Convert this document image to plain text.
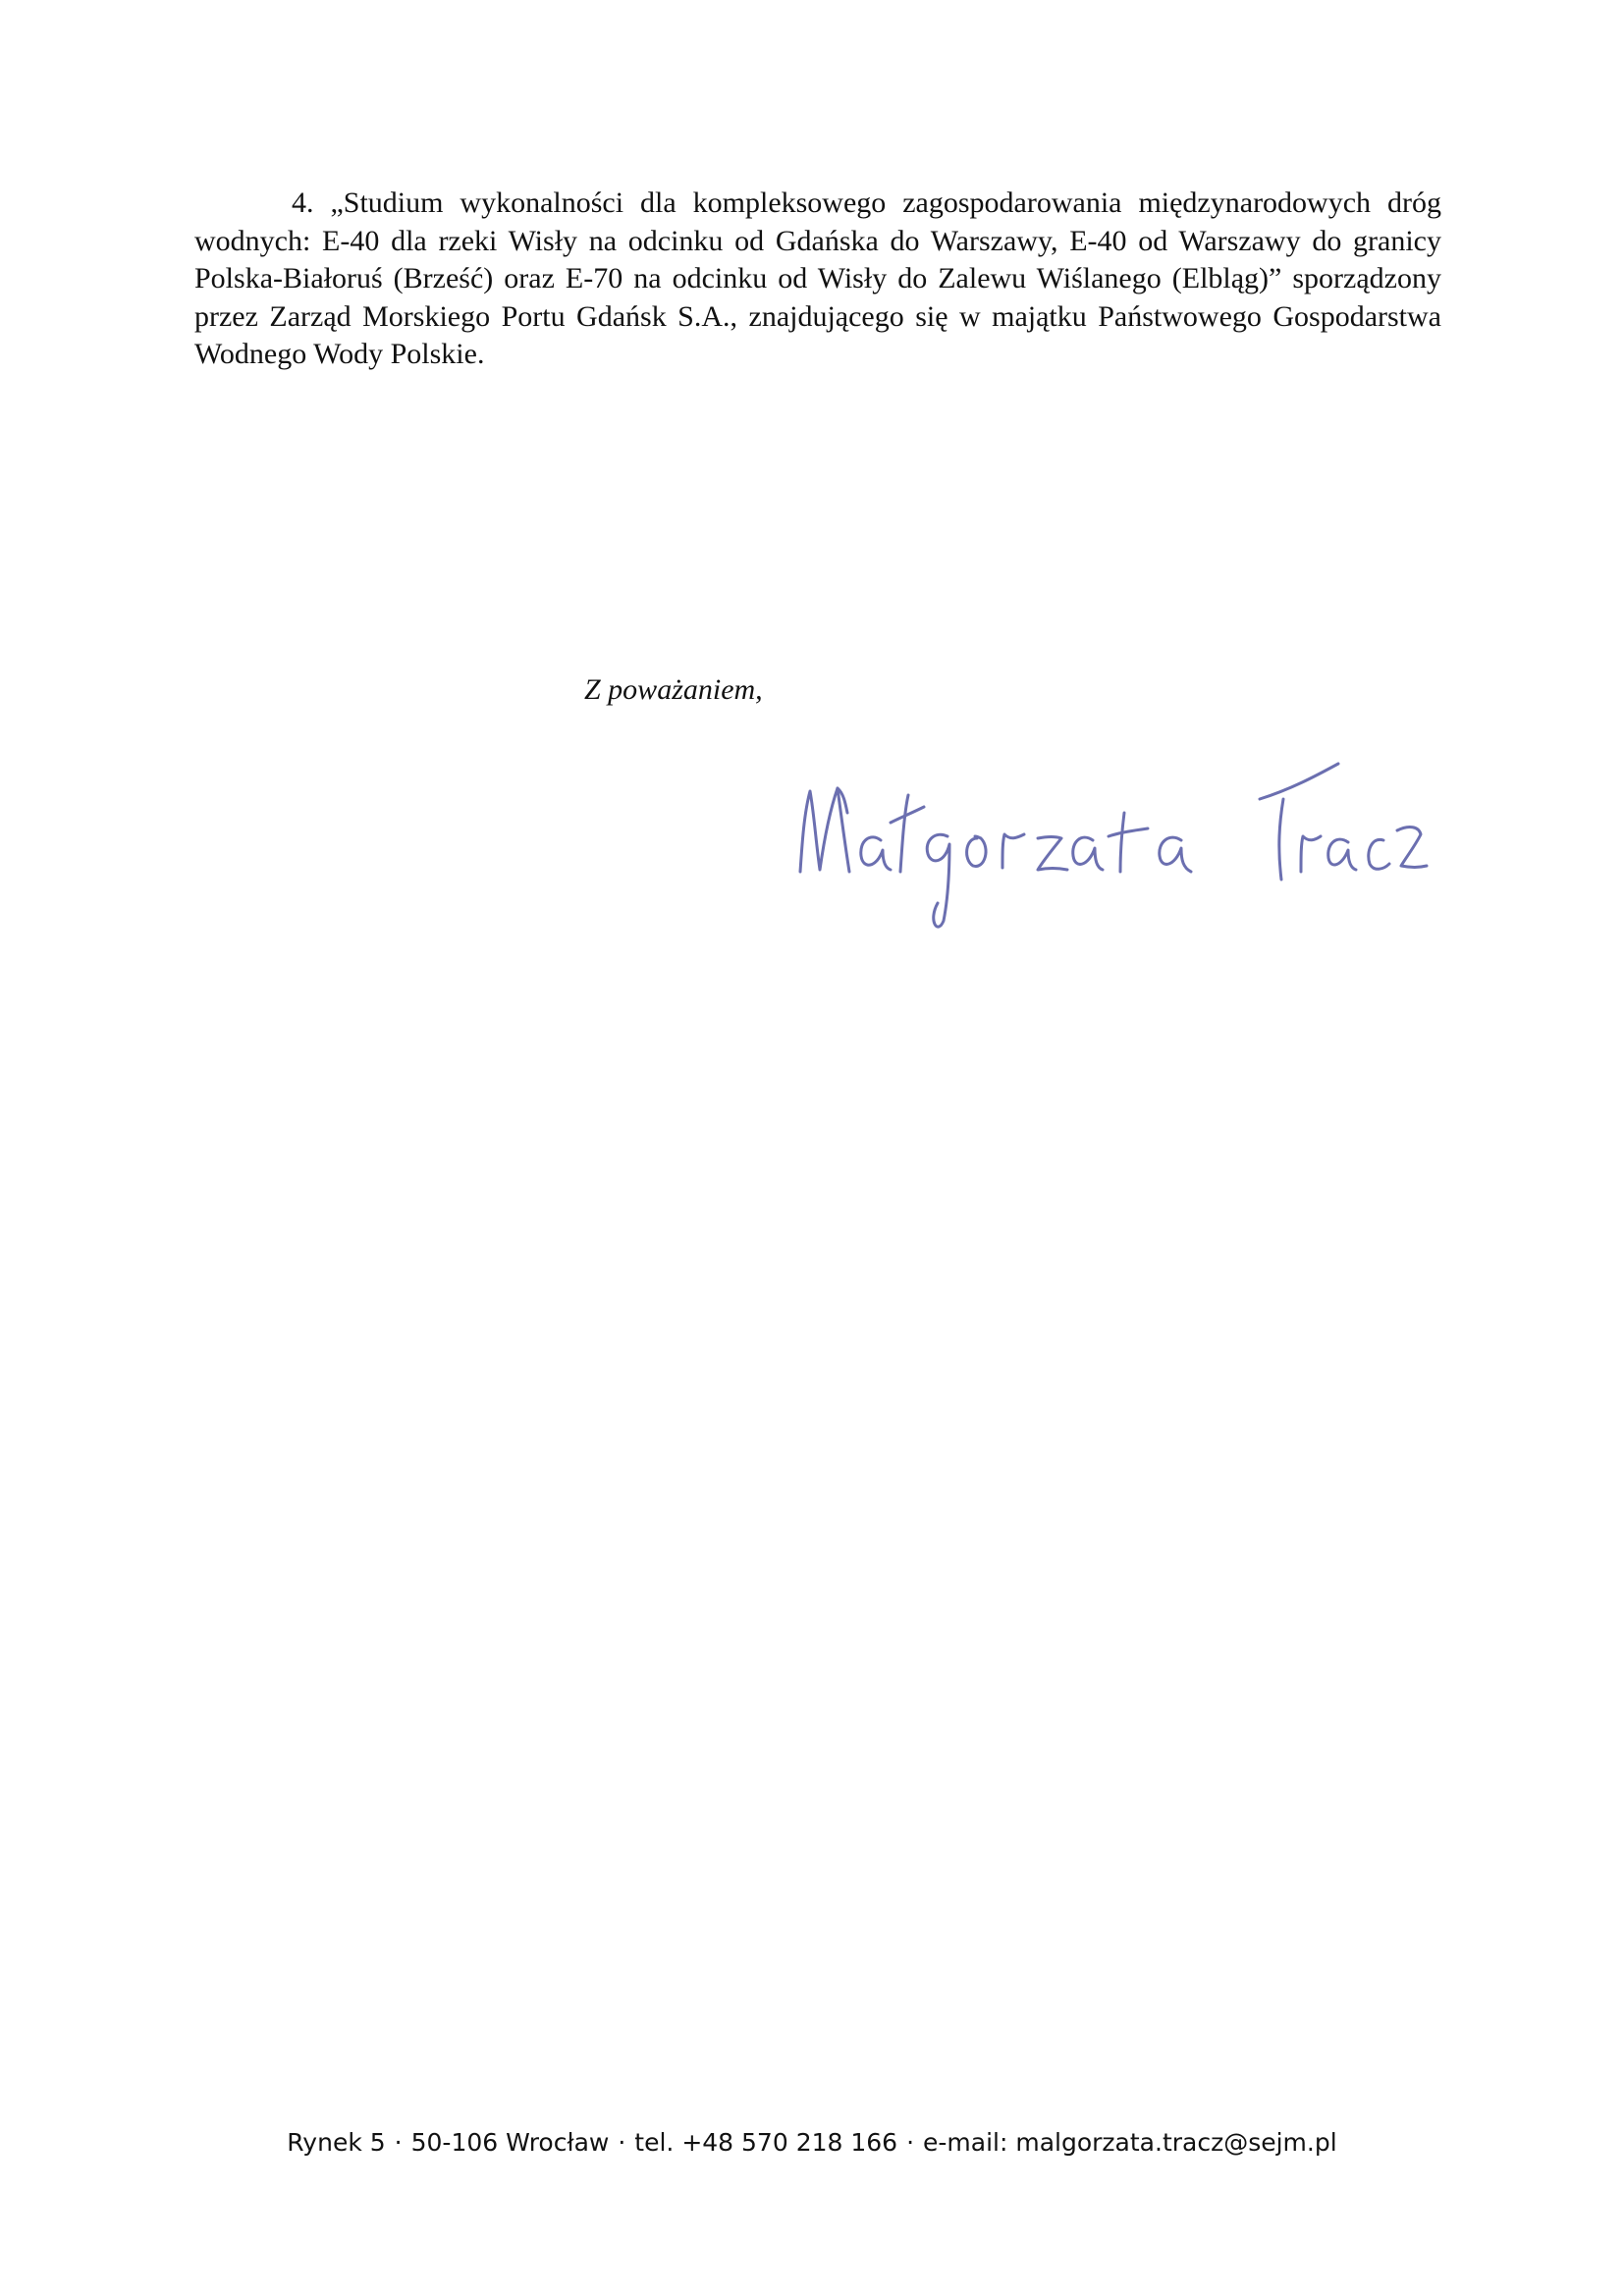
4. „Studium wykonalności dla kompleksowego zagospodarowania międzynarodowych dróg wodnych: E-40 dla rzeki Wisły na odcinku od Gdańska do Warszawy, E-40 od Warszawy do granicy Polska-Białoruś (Brześć) oraz E-70 na odcinku od Wisły do Zalewu Wiślanego (Elbląg)” sporządzony przez Zarząd Morskiego Portu Gdańsk S.A., znajdującego się w majątku Państwowego Gospodarstwa Wodnego Wody Polskie.

Z poważaniem,

Rynek 5 · 50-106 Wrocław · tel. +48 570 218 166 · e-mail: malgorzata.tracz@sejm.pl
